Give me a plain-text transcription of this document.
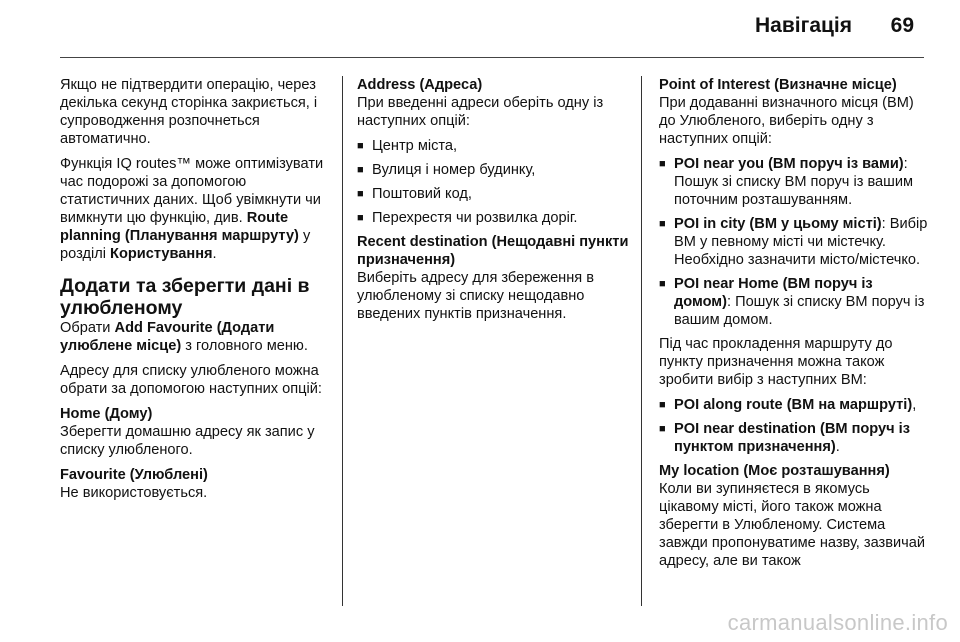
Навігація 69

Якщо не підтвердити операцію, через декілька секунд сторінка закриється, і супроводження розпочнеться автоматично.

Функція IQ routes™ може оптимізувати час подорожі за допомогою статистичних даних. Щоб увімкнути чи вимкнути цю функцію, див. Route planning (Планування маршруту) у розділі Користування.

Додати та зберегти дані в улюбленому

Обрати Add Favourite (Додати улюблене місце) з головного меню.

Адресу для списку улюбленого можна обрати за допомогою наступних опцій:

Home (Дому)

Зберегти домашню адресу як запис у списку улюбленого.

Favourite (Улюблені)

Не використовується.

Address (Адреса)

При введенні адреси оберіть одну із наступних опцій:

■ Центр міста,
■ Вулиця і номер будинку,
■ Поштовий код,
■ Перехрестя чи розвилка доріг.
Recent destination (Нещодавні пункти призначення)

Виберіть адресу для збереження в улюбленому зі списку нещодавно введених пунктів призначення.

Point of Interest (Визначне місце)

При додаванні визначного місця (ВМ) до Улюбленого, виберіть одну з наступних опцій:

■ POI near you (ВМ поруч із вами): Пошук зі списку ВМ поруч із вашим поточним розташуванням.
■ POI in city (ВМ у цьому місті): Вибір ВМ у певному місті чи містечку. Необхідно зазначити місто/містечко.
■ POI near Home (ВМ поруч із домом): Пошук зі списку ВМ поруч із вашим домом.

Під час прокладення маршруту до пункту призначення можна також зробити вибір з наступних ВМ:

■ POI along route (ВМ на маршруті),
■ POI near destination (ВМ поруч із пунктом призначення).
My location (Моє розташування)

Коли ви зупиняєтеся в якомусь цікавому місті, його також можна зберегти в Улюбленому. Система завжди пропонуватиме назву, зазвичай адресу, але ви також

carmanualsonline.info
